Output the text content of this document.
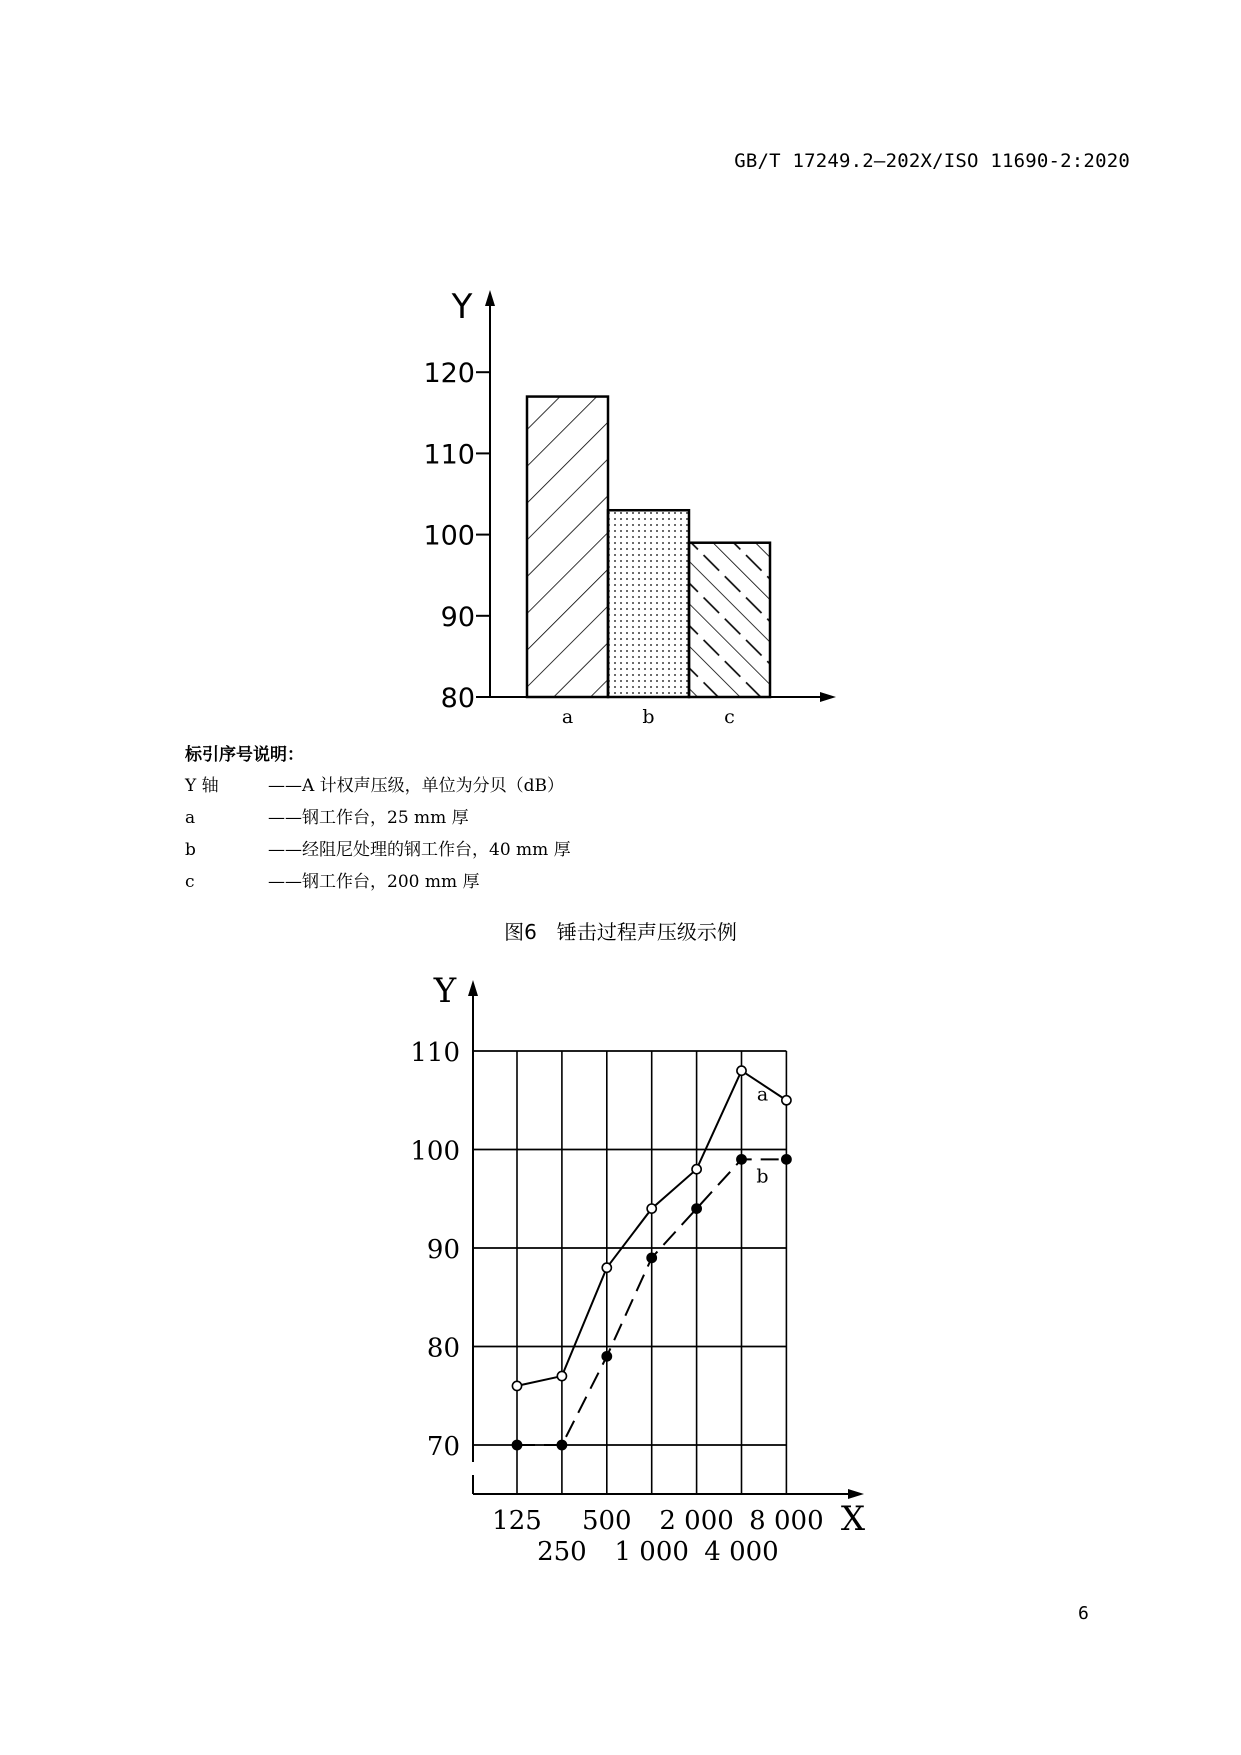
GB/T 17249.2—202X/ISO 11690-2:2020
Y
80
90
100
110
120
a	b	c
标引序号说明：
Y 轴	——A 计权声压级，单位为分贝（dB）
a	——钢工作台，25 mm 厚
b	——经阻尼处理的钢工作台，40 mm 厚
c	——钢工作台，200 mm 厚
图6 锤击过程声压级示例
70
80
90
100
110
Y
X
125 500 2 000 8 000
250 1 000 4 000
a
b
6
